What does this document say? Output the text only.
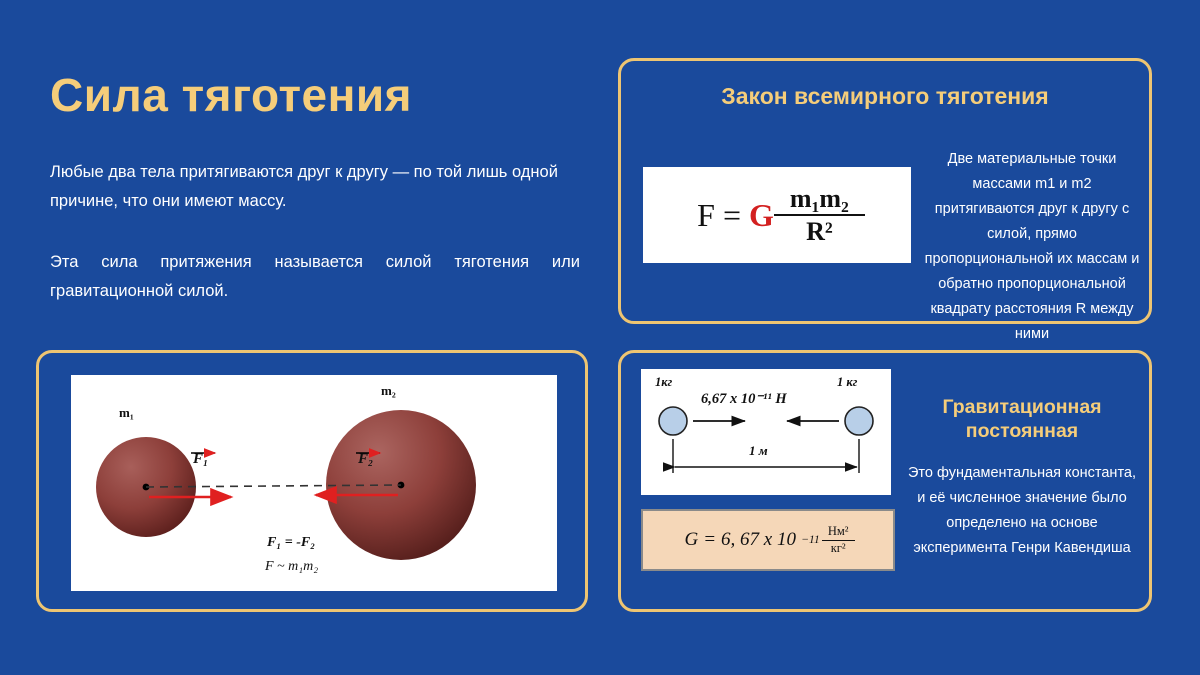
Сила тяготения
Любые два тела притягиваются друг к другу — по той лишь одной причине, что они имеют массу.
Эта сила притяжения называется силой тяготения или гравитационной силой.
Закон всемирного тяготения
F = G $\frac{\text{m₁m₂}}{\text{R²}}$
Две материальные точки массами m1 и m2 притягиваются друг к другу с силой, прямо пропорциональной их массам и обратно пропорциональной квадрату расстояния R между ними
m₁
m₂
F₁	F₂
F₁ = -F₂
F ~ m₁m₂
1кг	1 кг
6,67 x 10⁻¹¹ Н
1 м
G = 6, 67 x $10 -11 \frac{\text{Нм²}}{\text{кг²}}$
Гравитационная постоянная
Это фундаментальная константа, и её численное значение было определено на основе эксперимента Генри Кавендиша
